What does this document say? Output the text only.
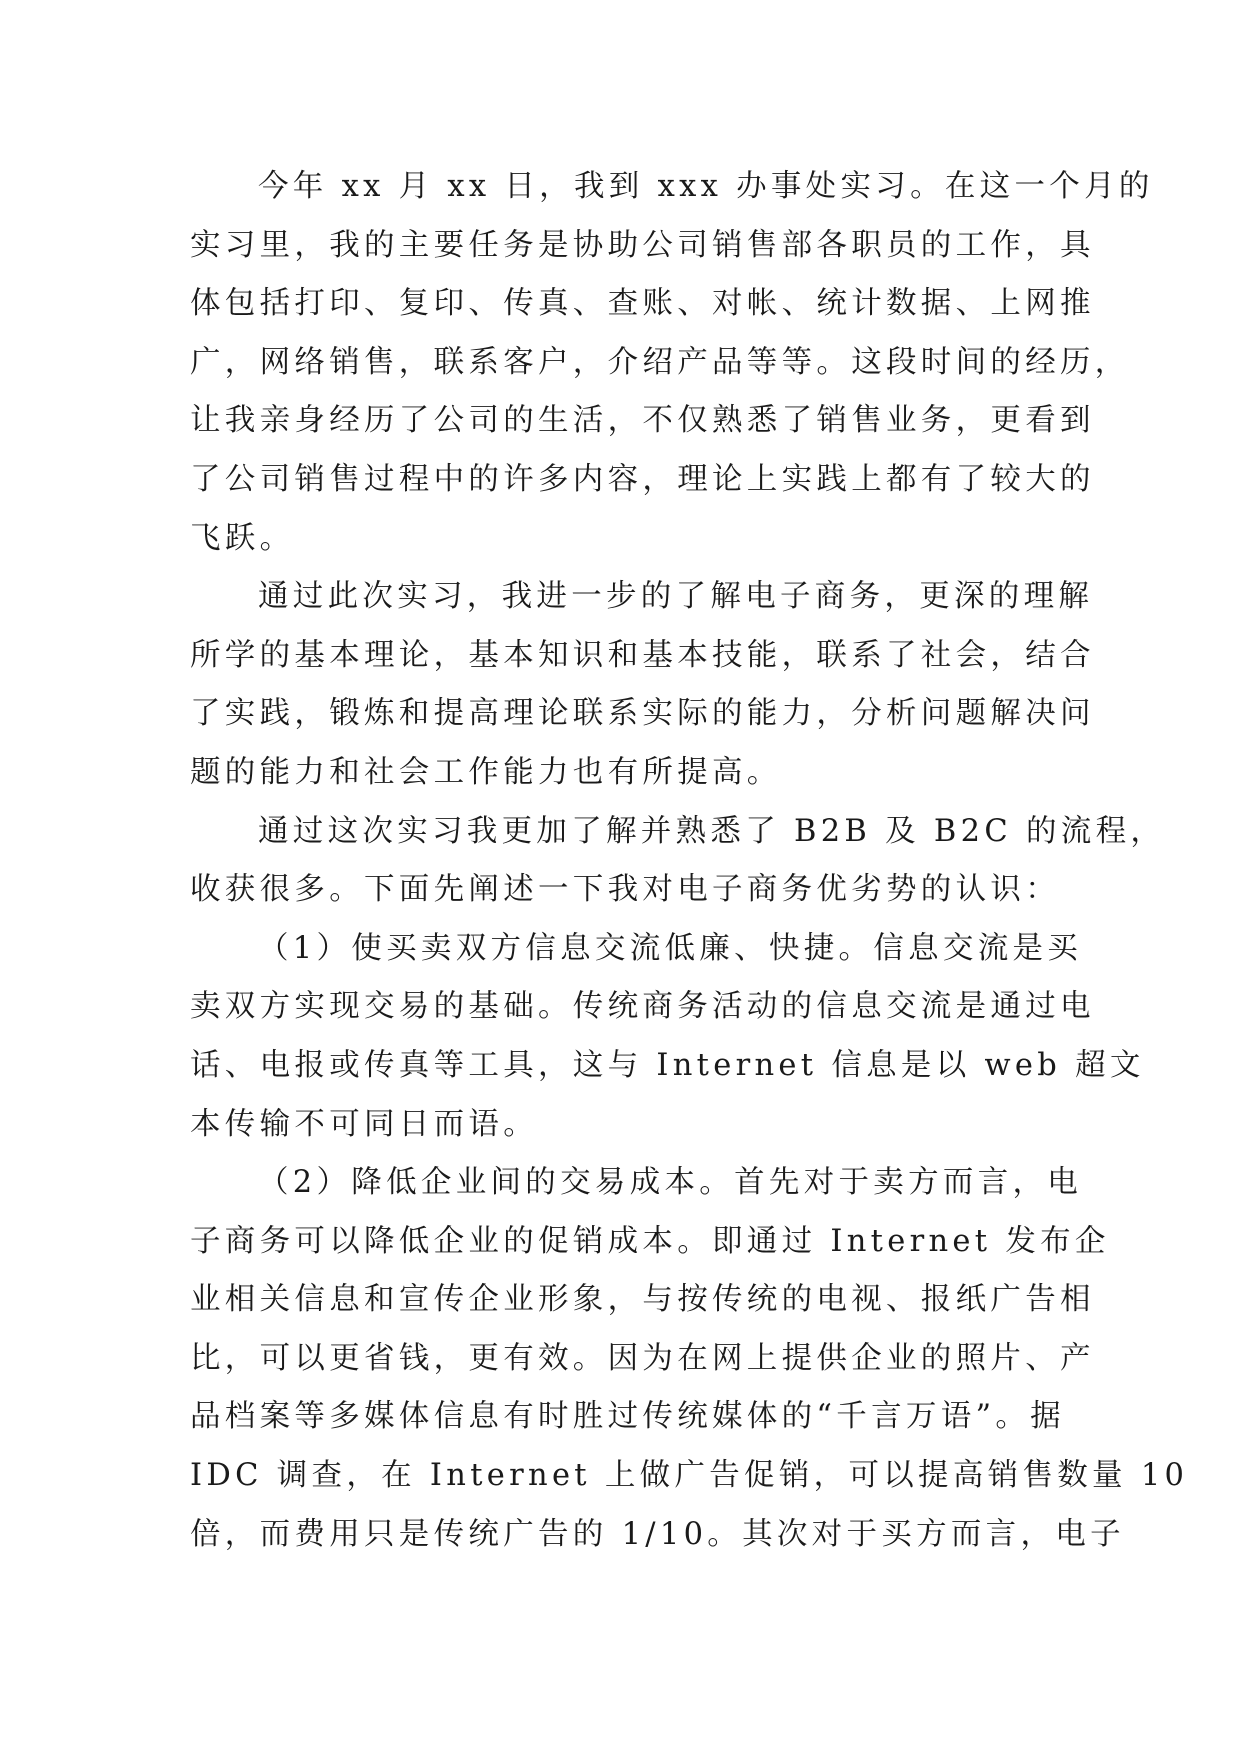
今年 xx 月 xx 日，我到 xxx 办事处实习。在这一个月的
实习里，我的主要任务是协助公司销售部各职员的工作，具
体包括打印、复印、传真、查账、对帐、统计数据、上网推
广，网络销售，联系客户，介绍产品等等。这段时间的经历，
让我亲身经历了公司的生活，不仅熟悉了销售业务，更看到
了公司销售过程中的许多内容，理论上实践上都有了较大的
飞跃。
通过此次实习，我进一步的了解电子商务，更深的理解
所学的基本理论，基本知识和基本技能，联系了社会，结合
了实践，锻炼和提高理论联系实际的能力，分析问题解决问
题的能力和社会工作能力也有所提高。
通过这次实习我更加了解并熟悉了 B2B 及 B2C 的流程，
收获很多。下面先阐述一下我对电子商务优劣势的认识：
（1）使买卖双方信息交流低廉、快捷。信息交流是买
卖双方实现交易的基础。传统商务活动的信息交流是通过电
话、电报或传真等工具，这与 Internet 信息是以 web 超文
本传输不可同日而语。
（2）降低企业间的交易成本。首先对于卖方而言，电
子商务可以降低企业的促销成本。即通过 Internet 发布企
业相关信息和宣传企业形象，与按传统的电视、报纸广告相
比，可以更省钱，更有效。因为在网上提供企业的照片、产
品档案等多媒体信息有时胜过传统媒体的“千言万语”。据
IDC 调查，在 Internet 上做广告促销，可以提高销售数量 10
倍，而费用只是传统广告的 1/10。其次对于买方而言，电子
